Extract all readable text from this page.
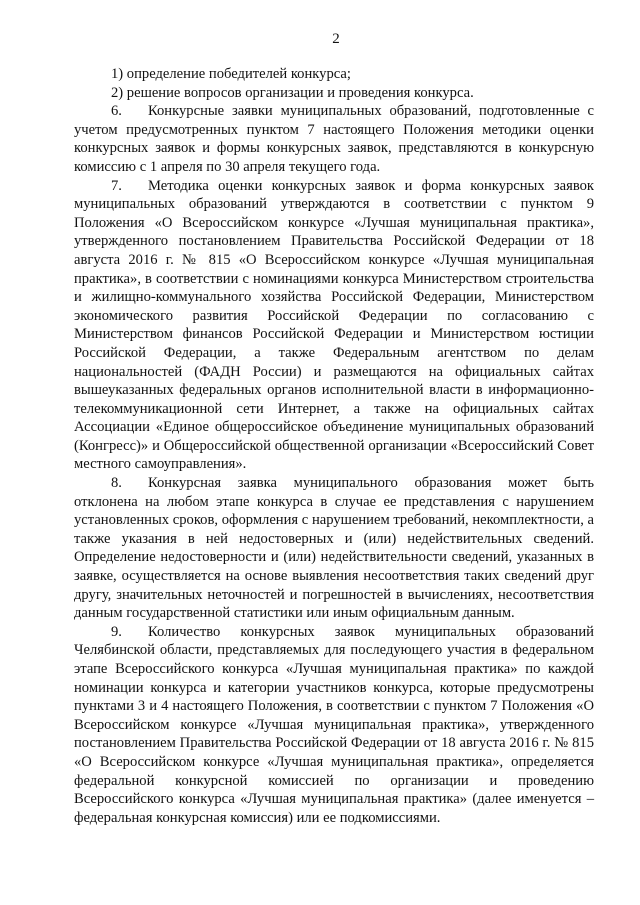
2

1) определение победителей конкурса;

2) решение вопросов организации и проведения конкурса.

6. Конкурсные заявки муниципальных образований, подготовленные с учетом предусмотренных пунктом 7 настоящего Положения методики оценки конкурсных заявок и формы конкурсных заявок, представляются в конкурсную комиссию с 1 апреля по 30 апреля текущего года.

7. Методика оценки конкурсных заявок и форма конкурсных заявок муниципальных образований утверждаются в соответствии с пунктом 9 Положения «О Всероссийском конкурсе «Лучшая муниципальная практика», утвержденного постановлением Правительства Российской Федерации от 18 августа 2016 г. № 815 «О Всероссийском конкурсе «Лучшая муниципальная практика», в соответствии с номинациями конкурса Министерством строительства и жилищно-коммунального хозяйства Российской Федерации, Министерством экономического развития Российской Федерации по согласованию с Министерством финансов Российской Федерации и Министерством юстиции Российской Федерации, а также Федеральным агентством по делам национальностей (ФАДН России) и размещаются на официальных сайтах вышеуказанных федеральных органов исполнительной власти в информационно-телекоммуникационной сети Интернет, а также на официальных сайтах Ассоциации «Единое общероссийское объединение муниципальных образований (Конгресс)» и Общероссийской общественной организации «Всероссийский Совет местного самоуправления».

8. Конкурсная заявка муниципального образования может быть отклонена на любом этапе конкурса в случае ее представления с нарушением установленных сроков, оформления с нарушением требований, некомплектности, а также указания в ней недостоверных и (или) недействительных сведений. Определение недостоверности и (или) недействительности сведений, указанных в заявке, осуществляется на основе выявления несоответствия таких сведений друг другу, значительных неточностей и погрешностей в вычислениях, несоответствия данным государственной статистики или иным официальным данным.

9. Количество конкурсных заявок муниципальных образований Челябинской области, представляемых для последующего участия в федеральном этапе Всероссийского конкурса «Лучшая муниципальная практика» по каждой номинации конкурса и категории участников конкурса, которые предусмотрены пунктами 3 и 4 настоящего Положения, в соответствии с пунктом 7 Положения «О Всероссийском конкурсе «Лучшая муниципальная практика», утвержденного постановлением Правительства Российской Федерации от 18 августа 2016 г. № 815 «О Всероссийском конкурсе «Лучшая муниципальная практика», определяется федеральной конкурсной комиссией по организации и проведению Всероссийского конкурса «Лучшая муниципальная практика» (далее именуется – федеральная конкурсная комиссия) или ее подкомиссиями.
